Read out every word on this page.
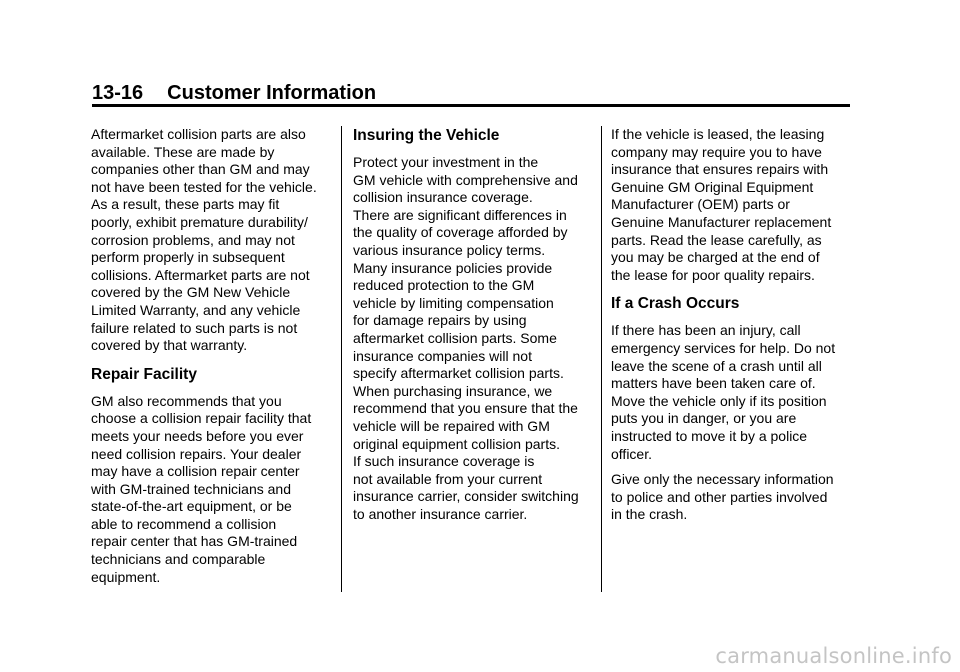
13-16 Customer Information

Aftermarket collision parts are also
available. These are made by
companies other than GM and may
not have been tested for the vehicle.
As a result, these parts may fit
poorly, exhibit premature durability/
corrosion problems, and may not
perform properly in subsequent
collisions. Aftermarket parts are not
covered by the GM New Vehicle
Limited Warranty, and any vehicle
failure related to such parts is not
covered by that warranty.

Repair Facility

GM also recommends that you
choose a collision repair facility that
meets your needs before you ever
need collision repairs. Your dealer
may have a collision repair center
with GM-trained technicians and
state-of-the-art equipment, or be
able to recommend a collision
repair center that has GM-trained
technicians and comparable
equipment.

Insuring the Vehicle

Protect your investment in the
GM vehicle with comprehensive and
collision insurance coverage.
There are significant differences in
the quality of coverage afforded by
various insurance policy terms.
Many insurance policies provide
reduced protection to the GM
vehicle by limiting compensation
for damage repairs by using
aftermarket collision parts. Some
insurance companies will not
specify aftermarket collision parts.
When purchasing insurance, we
recommend that you ensure that the
vehicle will be repaired with GM
original equipment collision parts.
If such insurance coverage is
not available from your current
insurance carrier, consider switching
to another insurance carrier.

If the vehicle is leased, the leasing
company may require you to have
insurance that ensures repairs with
Genuine GM Original Equipment
Manufacturer (OEM) parts or
Genuine Manufacturer replacement
parts. Read the lease carefully, as
you may be charged at the end of
the lease for poor quality repairs.

If a Crash Occurs

If there has been an injury, call
emergency services for help. Do not
leave the scene of a crash until all
matters have been taken care of.
Move the vehicle only if its position
puts you in danger, or you are
instructed to move it by a police
officer.

Give only the necessary information
to police and other parties involved
in the crash.

carmanualsonline.info
